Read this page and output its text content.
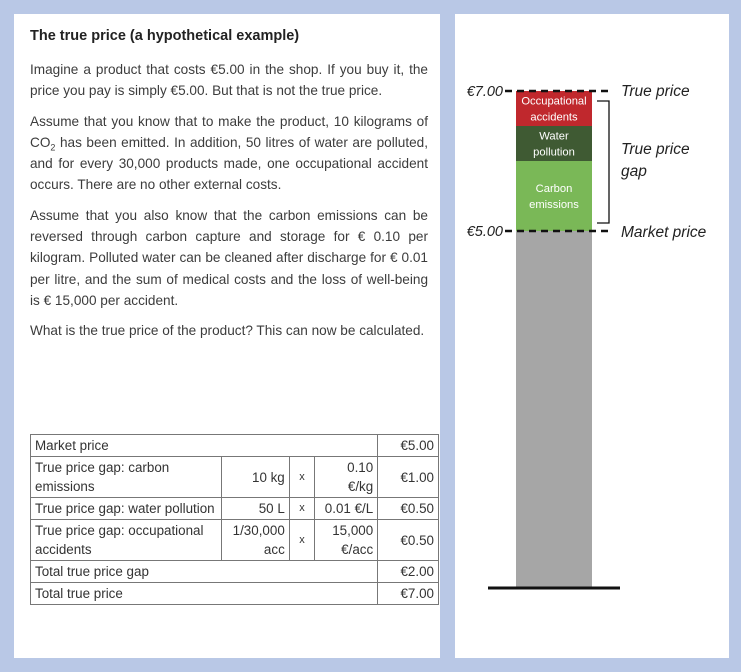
The true price (a hypothetical example)

Imagine a product that costs €5.00 in the shop. If you buy it, the price you pay is simply €5.00. But that is not the true price.

Assume that you know that to make the product, 10 kilograms of $CO_2$ has been emitted. In addition, 50 litres of water are polluted, and for every 30,000 products made, one occupational accident occurs. There are no other external costs.

Assume that you also know that the carbon emissions can be reversed through carbon capture and storage for € 0.10 per kilogram. Polluted water can be cleaned after discharge for € 0.01 per litre, and the sum of medical costs and the loss of well-being is € 15,000 per accident.

What is the true price of the product? This can now be calculated.

Market price				€5.00
True price gap: carbon emissions	10 kg	x	0.10 €/kg	€1.00
True price gap: water pollution	50 L	x	0.01 €/L	€0.50
True price gap: occupational accidents	1/30,000 acc	x	15,000 €/acc	€0.50
Total true price gap				€2.00
Total true price				€7.00
Carbon
emissions
Water
pollution
Occupational
accidents
€7.00
€5.00
True price
Market price
True price
gap
